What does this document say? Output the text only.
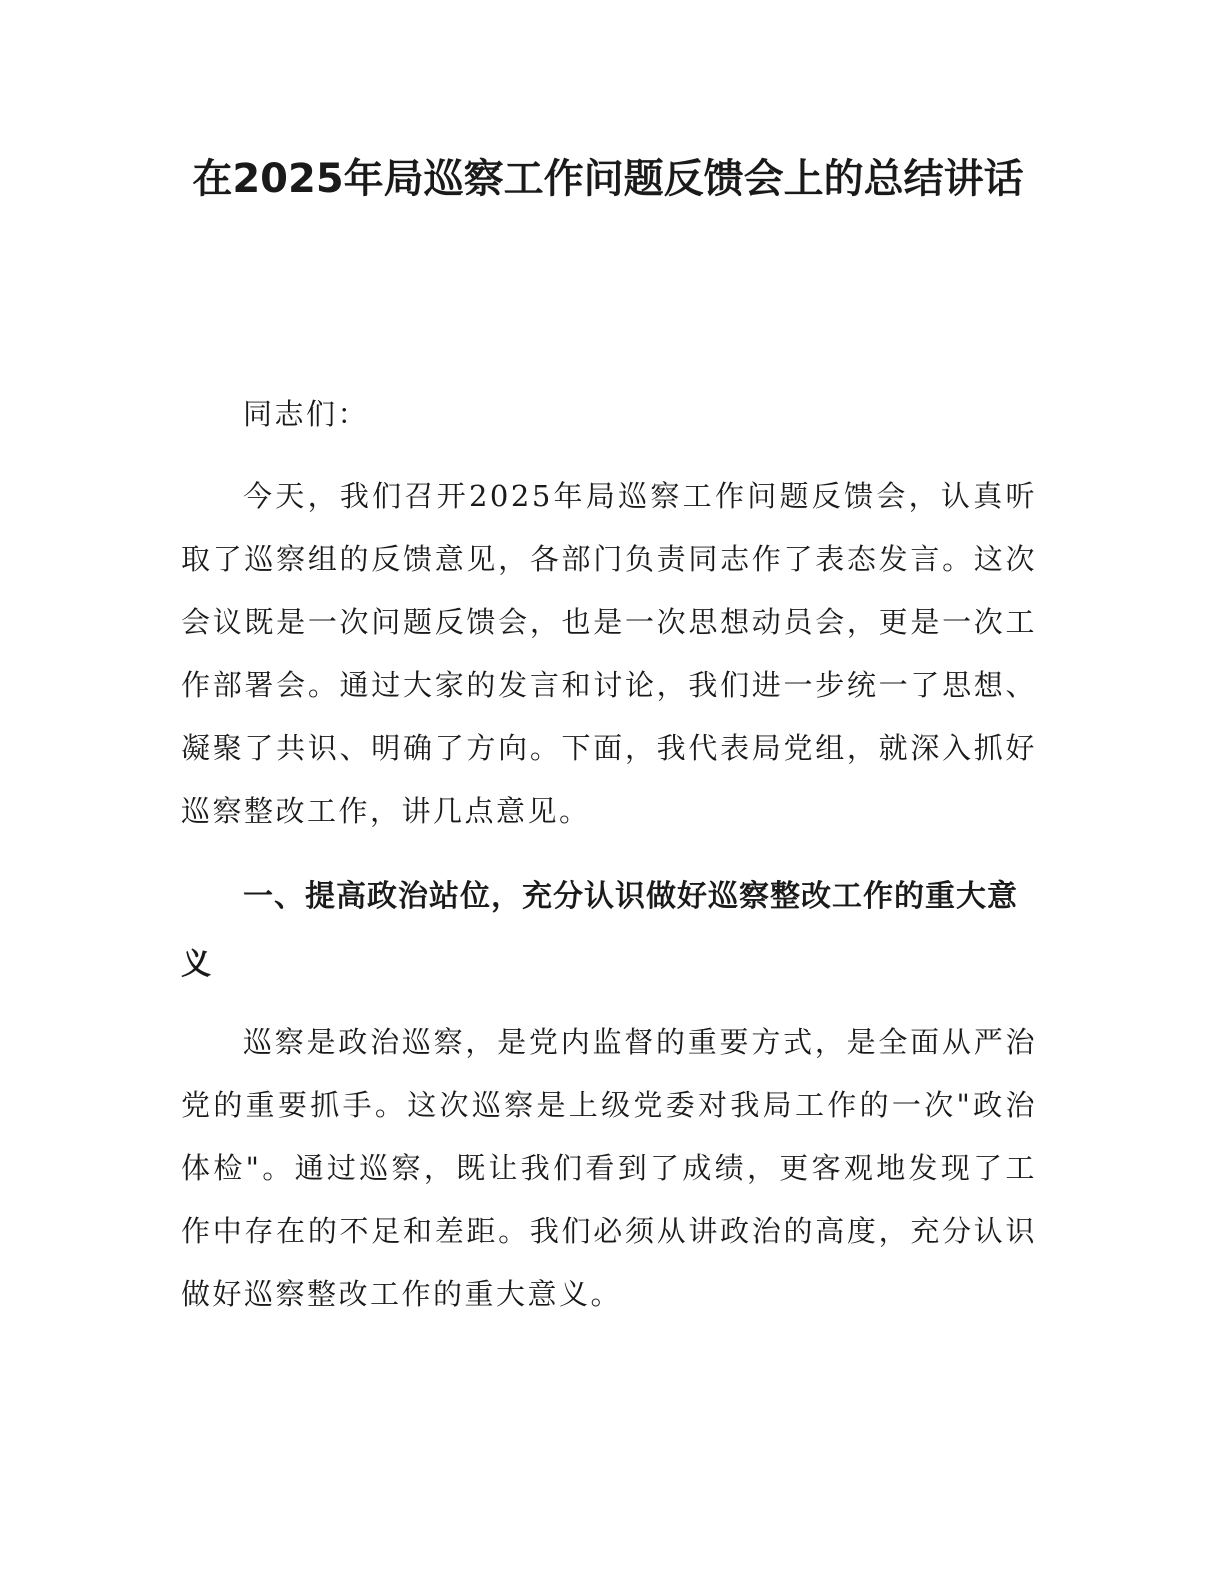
在2025年局巡察工作问题反馈会上的总结讲话

同志们：

今天，我们召开2025年局巡察工作问题反馈会，认真听取了巡察组的反馈意见，各部门负责同志作了表态发言。这次会议既是一次问题反馈会，也是一次思想动员会，更是一次工作部署会。通过大家的发言和讨论，我们进一步统一了思想、凝聚了共识、明确了方向。下面，我代表局党组，就深入抓好巡察整改工作，讲几点意见。

一、提高政治站位，充分认识做好巡察整改工作的重大意义

巡察是政治巡察，是党内监督的重要方式，是全面从严治党的重要抓手。这次巡察是上级党委对我局工作的一次"政治体检"。通过巡察，既让我们看到了成绩，更客观地发现了工作中存在的不足和差距。我们必须从讲政治的高度，充分认识做好巡察整改工作的重大意义。
